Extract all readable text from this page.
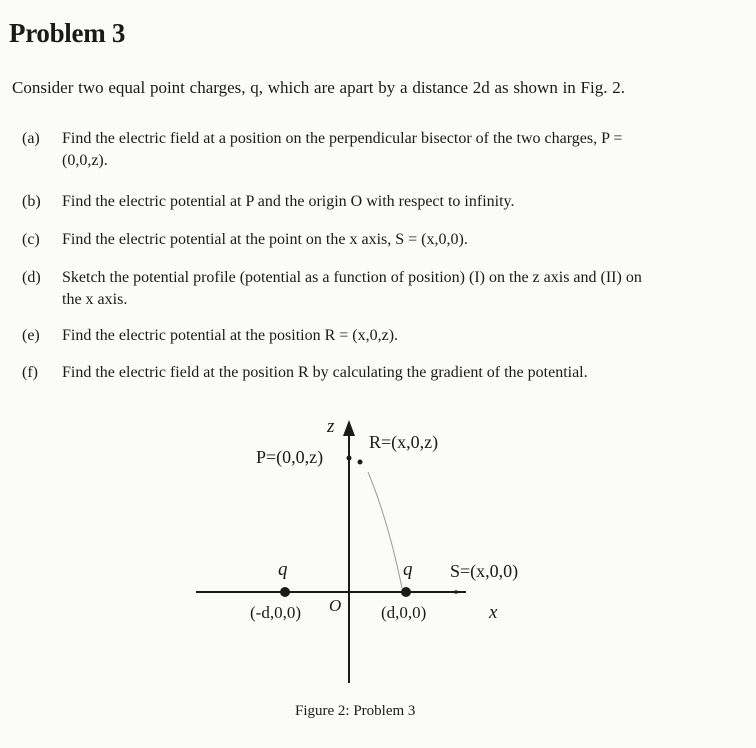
Problem 3
Consider two equal point charges, q, which are apart by a distance 2d as shown in Fig. 2.
(a) Find the electric field at a position on the perpendicular bisector of the two charges, P =
(0,0,z).
(b) Find the electric potential at P and the origin O with respect to infinity.
(c) Find the electric potential at the point on the x axis, S = (x,0,0).
(d) Sketch the potential profile (potential as a function of position) (I) on the z axis and (II) on
the x axis.
(e) Find the electric potential at the position R = (x,0,z).
(f) Find the electric field at the position R by calculating the gradient of the potential.
z
R=(x,0,z)
P=(0,0,z)
q	q S=(x,0,0)
(-d,0,0) O (d,0,0)	x
Figure 2: Problem 3
